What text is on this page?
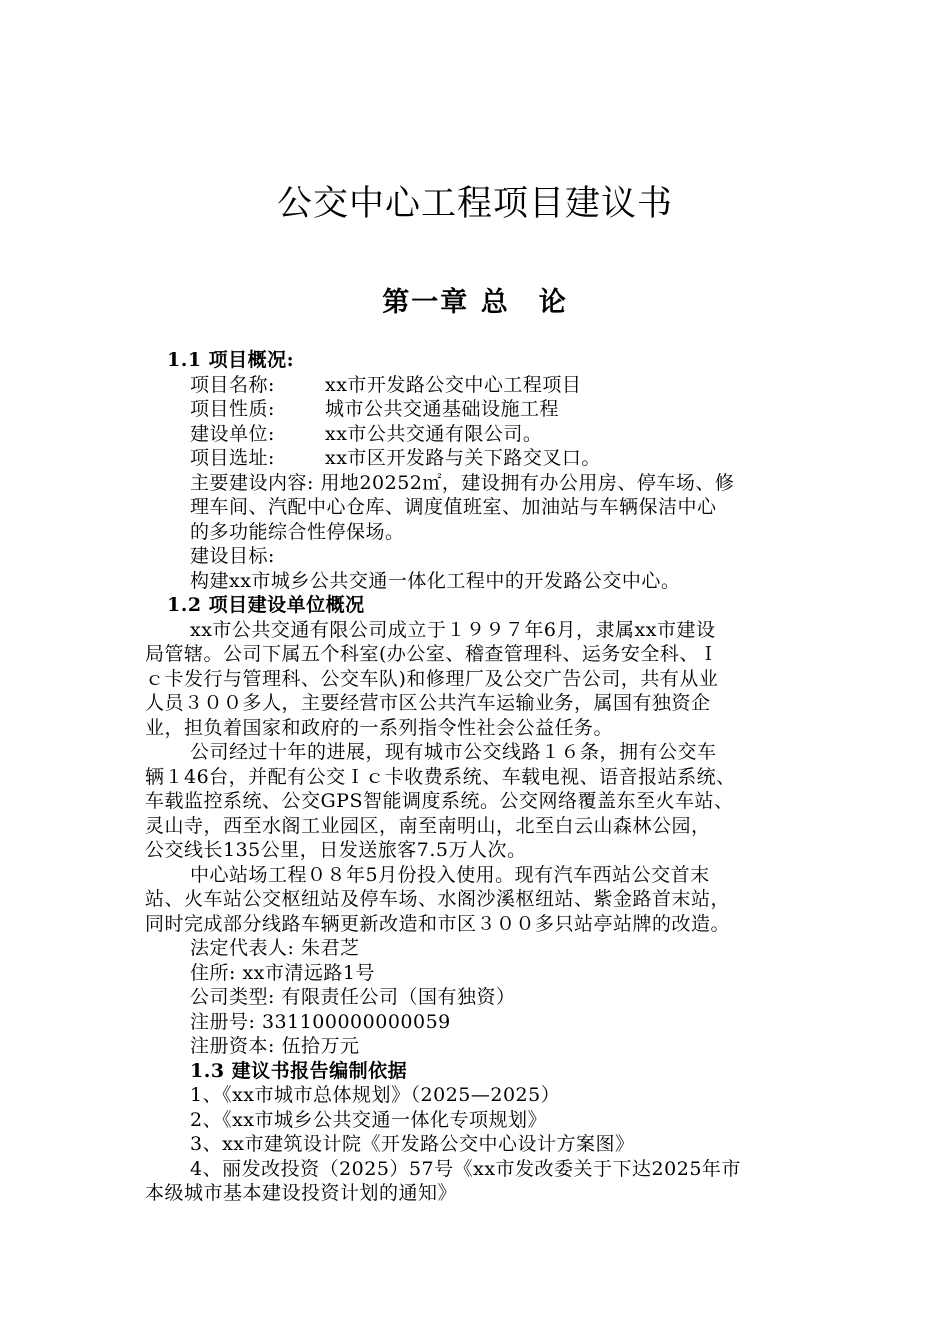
公交中心工程项目建议书
第一章 总　论
1.1 项目概况:
项目名称:	xx市开发路公交中心工程项目
项目性质:	城市公共交通基础设施工程
建设单位:	xx市公共交通有限公司。
项目选址:	xx市区开发路与关下路交叉口。
主要建设内容: 用地20252㎡，建设拥有办公用房、停车场、修
理车间、汽配中心仓库、调度值班室、加油站与车辆保洁中心
的多功能综合性停保场。
建设目标:
构建xx市城乡公共交通一体化工程中的开发路公交中心。
1.2 项目建设单位概况
xx市公共交通有限公司成立于１９９７年6月，隶属xx市建设
局管辖。公司下属五个科室(办公室、稽查管理科、运务安全科、Ｉ
ｃ卡发行与管理科、公交车队)和修理厂及公交广告公司，共有从业
人员３００多人，主要经营市区公共汽车运输业务，属国有独资企
业，担负着国家和政府的一系列指令性社会公益任务。
公司经过十年的进展，现有城市公交线路１６条，拥有公交车
辆１46台，并配有公交Ｉｃ卡收费系统、车载电视、语音报站系统、
车载监控系统、公交GPS智能调度系统。公交网络覆盖东至火车站、
灵山寺，西至水阁工业园区，南至南明山，北至白云山森林公园，
公交线长135公里，日发送旅客7.5万人次。
中心站场工程０８年5月份投入使用。现有汽车西站公交首末
站、火车站公交枢纽站及停车场、水阁沙溪枢纽站、紫金路首末站，
同时完成部分线路车辆更新改造和市区３００多只站亭站牌的改造。
法定代表人: 朱君芝
住所: xx市清远路1号
公司类型: 有限责任公司（国有独资）
注册号: 331100000000059
注册资本: 伍拾万元
1.3 建议书报告编制依据
1、《xx市城市总体规划》（2025—2025）
2、《xx市城乡公共交通一体化专项规划》
3、xx市建筑设计院《开发路公交中心设计方案图》
4、丽发改投资（2025）57号《xx市发改委关于下达2025年市
本级城市基本建设投资计划的通知》
